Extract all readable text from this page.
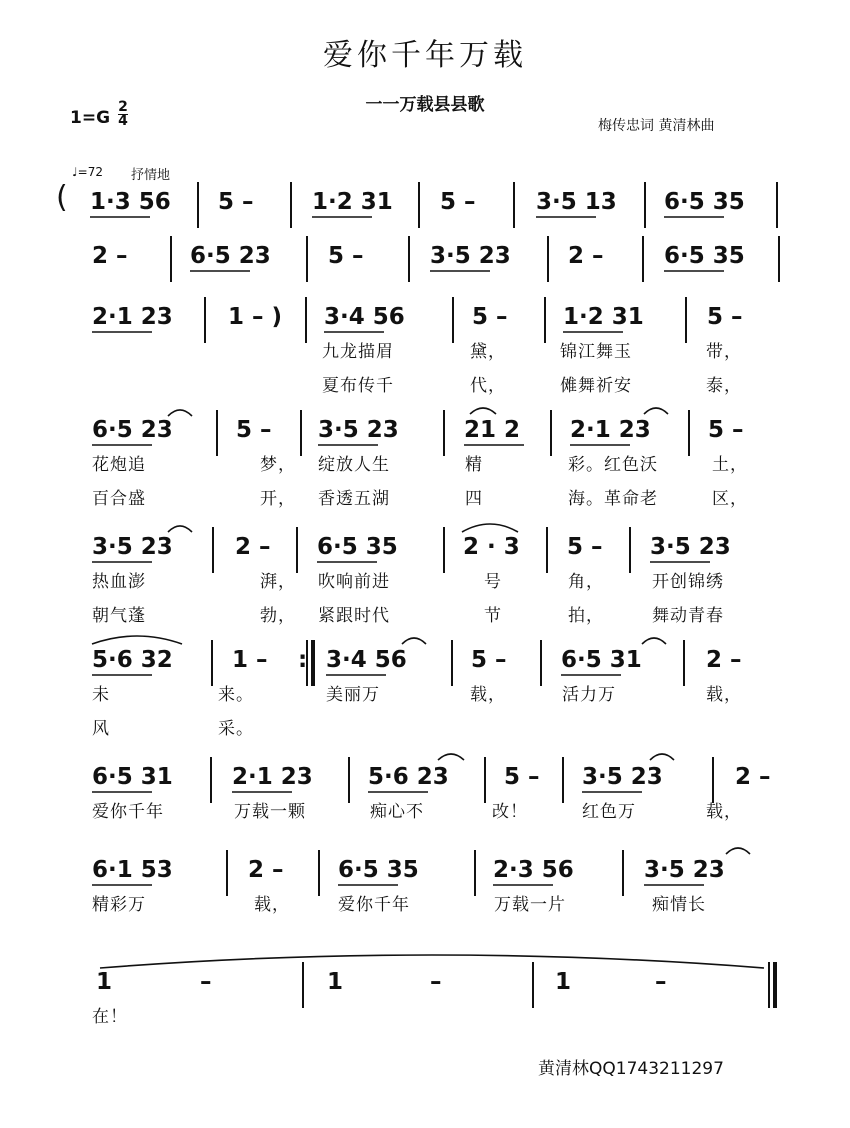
爱你千年万载
一一万载县县歌
1=G
2
4	梅传忠词 黄清林曲
♩=72 抒情地
黄清林QQ1743211297
( 1·3 56 5 –	1·2 31 5 –	3·5 13 6·5 35
2 –	6·5 23 5 –	3·5 23 2 –	6·5 35
2·1 23 1 – ) 3·4 56	5 – 1·2 31	5 –
九龙描眉	黛，	锦江舞玉	带，
夏布传千	代，	傩舞祈安	泰，
6·5 23	5 – 3·5 23	21 2 2·1 23 5 –
花炮追	梦， 绽放人生	精	彩。红色沃	土，
百合盛	开， 香透五湖	四	海。革命老	区，
3·5 23	2 – 6·5 35	2 · 3 5 – 3·5 23
热血澎	湃， 吹响前进	号	角，	开创锦绣
朝气蓬	勃， 紧跟时代	节	拍，	舞动青春
5·6 32	1 – : 3·4 56	5 – 6·5 31	2 –
未	来。	美丽万	载，	活力万	载，
风	采。
6·5 31	2·1 23 5·6 23 5 – 3·5 23	2 –
爱你千年	万载一颗	痴心不	改！	红色万	载，
6·1 53	2 – 6·5 35	2·3 56	3·5 23
精彩万	载，	爱你千年	万载一片	痴情长
1	–	1	–	1	–
在！
